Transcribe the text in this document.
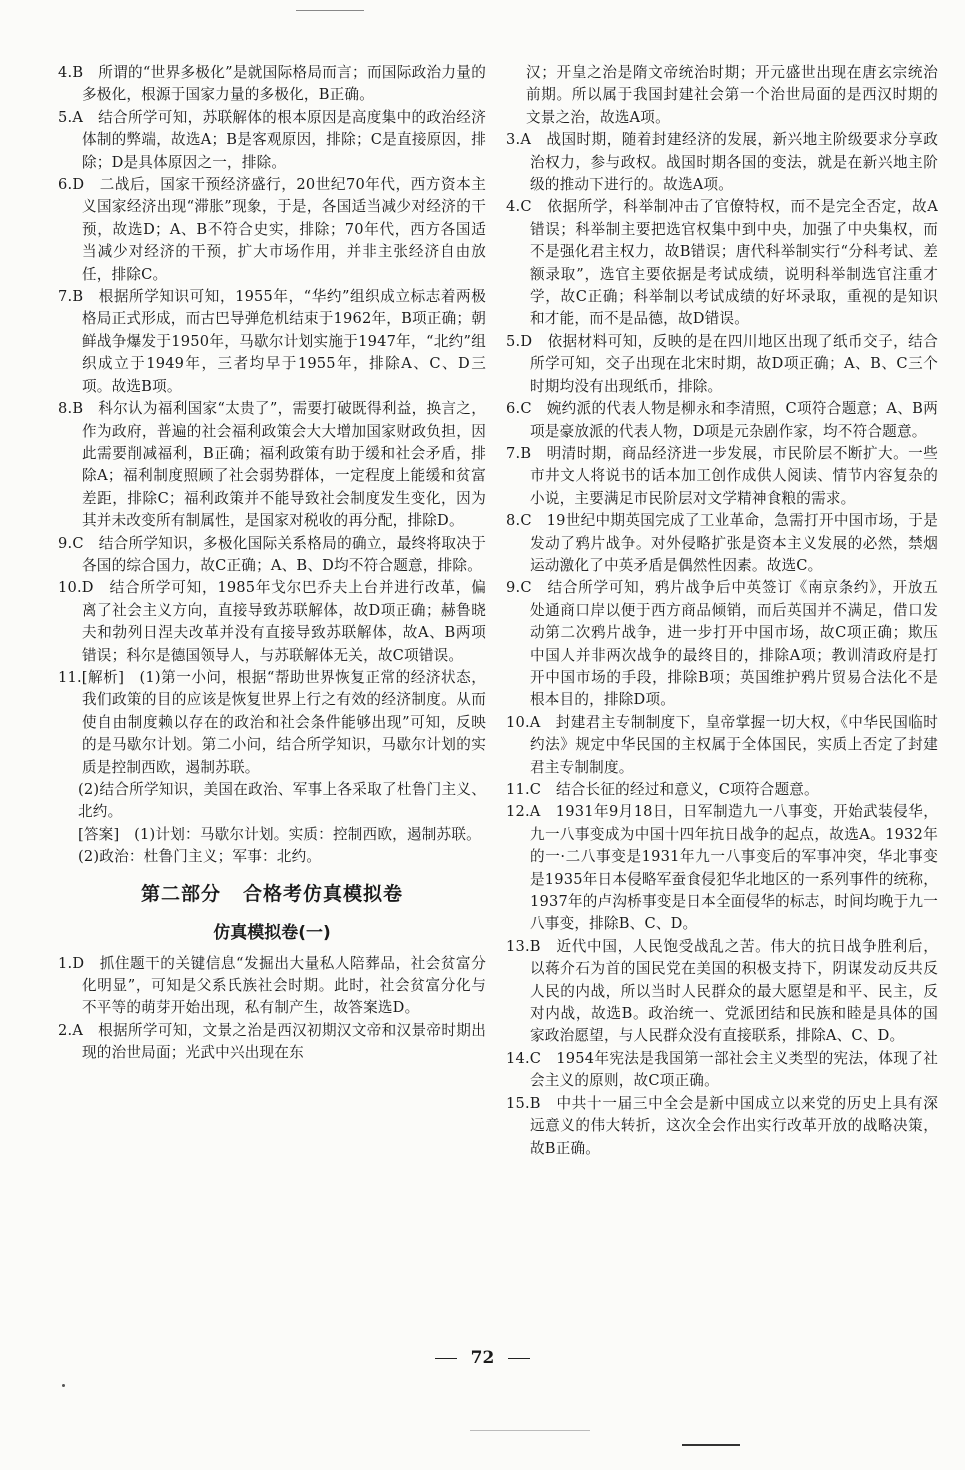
4.B　所谓的“世界多极化”是就国际格局而言；而国际政治力量的多极化，根源于国家力量的多极化，B正确。

5.A　结合所学可知，苏联解体的根本原因是高度集中的政治经济体制的弊端，故选A；B是客观原因，排除；C是直接原因，排除；D是具体原因之一，排除。

6.D　二战后，国家干预经济盛行，20世纪70年代，西方资本主义国家经济出现“滞胀”现象，于是，各国适当减少对经济的干预，故选D；A、B不符合史实，排除；70年代，西方各国适当减少对经济的干预，扩大市场作用，并非主张经济自由放任，排除C。

7.B　根据所学知识可知，1955年，“华约”组织成立标志着两极格局正式形成，而古巴导弹危机结束于1962年，B项正确；朝鲜战争爆发于1950年，马歇尔计划实施于1947年，“北约”组织成立于1949年，三者均早于1955年，排除A、C、D三项。故选B项。

8.B　科尔认为福利国家“太贵了”，需要打破既得利益，换言之，作为政府，普遍的社会福利政策会大大增加国家财政负担，因此需要削减福利，B正确；福利政策有助于缓和社会矛盾，排除A；福利制度照顾了社会弱势群体，一定程度上能缓和贫富差距，排除C；福利政策并不能导致社会制度发生变化，因为其并未改变所有制属性，是国家对税收的再分配，排除D。

9.C　结合所学知识，多极化国际关系格局的确立，最终将取决于各国的综合国力，故C正确；A、B、D均不符合题意，排除。

10.D　结合所学可知，1985年戈尔巴乔夫上台并进行改革，偏离了社会主义方向，直接导致苏联解体，故D项正确；赫鲁晓夫和勃列日涅夫改革并没有直接导致苏联解体，故A、B两项错误；科尔是德国领导人，与苏联解体无关，故C项错误。

11.[解析]　(1)第一小问，根据“帮助世界恢复正常的经济状态，我们政策的目的应该是恢复世界上行之有效的经济制度。从而使自由制度赖以存在的政治和社会条件能够出现”可知，反映的是马歇尔计划。第二小问，结合所学知识，马歇尔计划的实质是控制西欧，遏制苏联。

(2)结合所学知识，美国在政治、军事上各采取了杜鲁门主义、北约。

[答案]　(1)计划：马歇尔计划。实质：控制西欧，遏制苏联。

(2)政治：杜鲁门主义；军事：北约。

第二部分 合格考仿真模拟卷
仿真模拟卷(一)

1.D　抓住题干的关键信息“发掘出大量私人陪葬品，社会贫富分化明显”，可知是父系氏族社会时期。此时，社会贫富分化与不平等的萌芽开始出现，私有制产生，故答案选D。

2.A　根据所学可知，文景之治是西汉初期汉文帝和汉景帝时期出现的治世局面；光武中兴出现在东

汉；开皇之治是隋文帝统治时期；开元盛世出现在唐玄宗统治前期。所以属于我国封建社会第一个治世局面的是西汉时期的文景之治，故选A项。

3.A　战国时期，随着封建经济的发展，新兴地主阶级要求分享政治权力，参与政权。战国时期各国的变法，就是在新兴地主阶级的推动下进行的。故选A项。

4.C　依据所学，科举制冲击了官僚特权，而不是完全否定，故A错误；科举制主要把选官权集中到中央，加强了中央集权，而不是强化君主权力，故B错误；唐代科举制实行“分科考试、差额录取”，选官主要依据是考试成绩，说明科举制选官注重才学，故C正确；科举制以考试成绩的好坏录取，重视的是知识和才能，而不是品德，故D错误。

5.D　依据材料可知，反映的是在四川地区出现了纸币交子，结合所学可知，交子出现在北宋时期，故D项正确；A、B、C三个时期均没有出现纸币，排除。

6.C　婉约派的代表人物是柳永和李清照，C项符合题意；A、B两项是豪放派的代表人物，D项是元杂剧作家，均不符合题意。

7.B　明清时期，商品经济进一步发展，市民阶层不断扩大。一些市井文人将说书的话本加工创作成供人阅读、情节内容复杂的小说，主要满足市民阶层对文学精神食粮的需求。

8.C　19世纪中期英国完成了工业革命，急需打开中国市场，于是发动了鸦片战争。对外侵略扩张是资本主义发展的必然，禁烟运动激化了中英矛盾是偶然性因素。故选C。

9.C　结合所学可知，鸦片战争后中英签订《南京条约》，开放五处通商口岸以便于西方商品倾销，而后英国并不满足，借口发动第二次鸦片战争，进一步打开中国市场，故C项正确；欺压中国人并非两次战争的最终目的，排除A项；教训清政府是打开中国市场的手段，排除B项；英国维护鸦片贸易合法化不是根本目的，排除D项。

10.A　封建君主专制制度下，皇帝掌握一切大权，《中华民国临时约法》规定中华民国的主权属于全体国民，实质上否定了封建君主专制制度。

11.C　结合长征的经过和意义，C项符合题意。

12.A　1931年9月18日，日军制造九一八事变，开始武装侵华，九一八事变成为中国十四年抗日战争的起点，故选A。1932年的一·二八事变是1931年九一八事变后的军事冲突，华北事变是1935年日本侵略军蚕食侵犯华北地区的一系列事件的统称，1937年的卢沟桥事变是日本全面侵华的标志，时间均晚于九一八事变，排除B、C、D。

13.B　近代中国，人民饱受战乱之苦。伟大的抗日战争胜利后，以蒋介石为首的国民党在美国的积极支持下，阴谋发动反共反人民的内战，所以当时人民群众的最大愿望是和平、民主，反对内战，故选B。政治统一、党派团结和民族和睦是具体的国家政治愿望，与人民群众没有直接联系，排除A、C、D。

14.C　1954年宪法是我国第一部社会主义类型的宪法，体现了社会主义的原则，故C项正确。

15.B　中共十一届三中全会是新中国成立以来党的历史上具有深远意义的伟大转折，这次全会作出实行改革开放的战略决策，故B正确。

72
